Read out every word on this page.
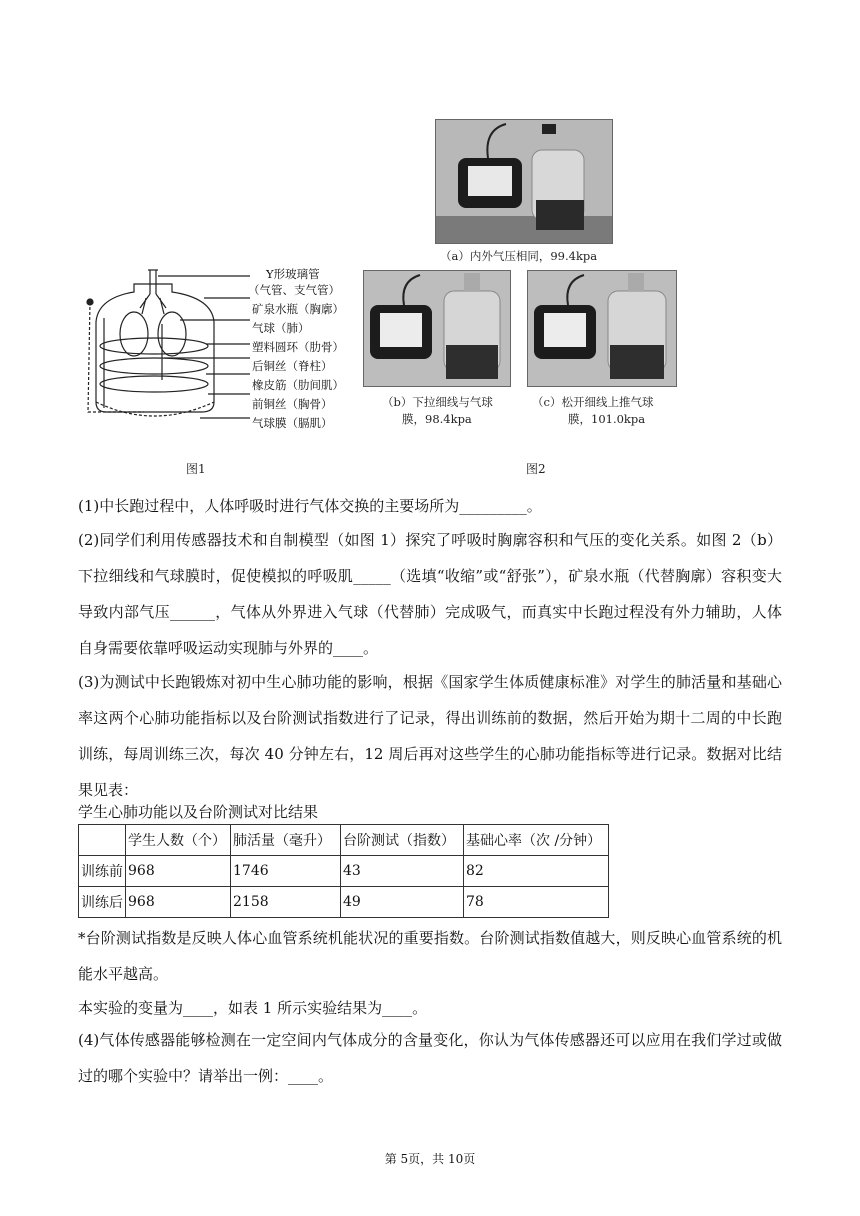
Y形玻璃管
（气管、支气管）
矿泉水瓶（胸廓）
气球（肺）
塑料圆环（肋骨）
后铜丝（脊柱）
橡皮筋（肋间肌）
前铜丝（胸骨）
气球膜（膈肌）
图1
（a）内外气压相同，99.4kpa
（b）下拉细线与气球
膜，98.4kpa
（c）松开细线上推气球
膜，101.0kpa
图2
(1)中长跑过程中，人体呼吸时进行气体交换的主要场所为_________。
(2)同学们利用传感器技术和自制模型（如图 1）探究了呼吸时胸廓容积和气压的变化关系。如图 2（b）下拉细线和气球膜时，促使模拟的呼吸肌_____（选填“收缩”或“舒张”），矿泉水瓶（代替胸廓）容积变大导致内部气压______，气体从外界进入气球（代替肺）完成吸气，而真实中长跑过程没有外力辅助，人体自身需要依靠呼吸运动实现肺与外界的____。
(3)为测试中长跑锻炼对初中生心肺功能的影响，根据《国家学生体质健康标准》对学生的肺活量和基础心率这两个心肺功能指标以及台阶测试指数进行了记录，得出训练前的数据，然后开始为期十二周的中长跑训练，每周训练三次，每次 40 分钟左右，12 周后再对这些学生的心肺功能指标等进行记录。数据对比结果见表：
学生心肺功能以及台阶测试对比结果
	学生人数（个）	肺活量（毫升）	台阶测试（指数）	基础心率（次 /分钟）
训练前	968	1746	43	82
训练后	968	2158	49	78
*台阶测试指数是反映人体心血管系统机能状况的重要指数。台阶测试指数值越大，则反映心血管系统的机能水平越高。
本实验的变量为____，如表 1 所示实验结果为____。
(4)气体传感器能够检测在一定空间内气体成分的含量变化，你认为气体传感器还可以应用在我们学过或做过的哪个实验中？请举出一例：____。
第 5页，共 10页
